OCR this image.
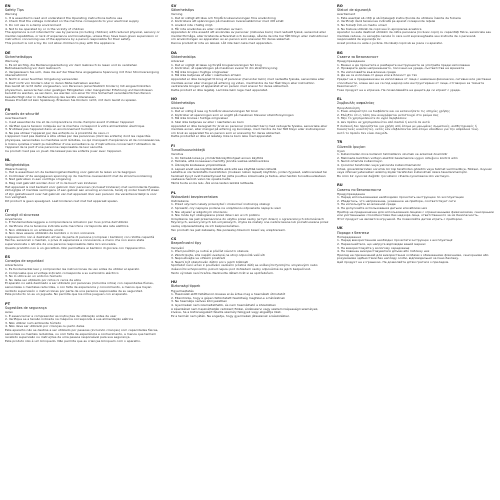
EN
Safety Tips
Warning
1. It is essential to read and understand the Operating instructions before use
2. Check that the voltage indicated on the machine corresponds to your electrical supply
3. Do not use in a damp environment
4. Not to be operated by or in the vicinity of children
The appliance is not intended for use by persons (including children) with reduced physical, sensory or mental capabilities, or lack of experience and knowledge, unless they have been given supervision or instruction concerning use of the appliance by a person responsible for their safety.
This product is not a toy. Do not allow children to play with the appliance
DE
Sicherheitstipps
Warnung
1. Es ist wichtig, die Bedienungsanleitung vor dem Gebrauch zu lesen und zu verstehen Betriebsanleitung vor dem Gebrauch
2. Vergewissern Sie sich, dass die auf der Maschine angegebene Spannung mit Ihrer Stromversorgung übereinstimmt
3. Nicht in einer feuchten Umgebung verwenden
4. Darf nicht von Kindern oder in deren Nähe betrieben werden
Das Gerät ist nicht dafür vorgesehen, von Personen (einschließlich Kindern) mit eingeschränkten physischen, sensorischen oder geistigen Fähigkeiten oder mangelnder Erfahrung und Kenntnissen benutzt zu werden, es sei denn, sie werden von einer für ihre Sicherheit verantwortlichen Person beaufsichtigt oder in die Benutzung des Geräts unterwiesen.
Dieses Produkt ist kein Spielzeug. Erlauben Sie Kindern nicht, mit dem Gerät zu spielen.
FR
Conseils de sécurité
Avertissement
1. Il est essentiel de lire et de comprendre le mode d'emploi avant d'utiliser l'appareil
2. Vérifiez que la tension indiquée sur la machine correspond à votre alimentation électrique
3. N'utilisez pas l'appareil dans un environnement humide
4. Ne pas utiliser l'appareil par des enfants ou à proximité de ceux-ci
L'appareil n'est pas destiné à être utilisé par des personnes (dont les enfants) dont les capacités physiques, sensorielles ou mentales sont réduites, ou qui manquent d'expérience et de connaissances, à moins qu'elles n'aient pu bénéficier d'une surveillance ou d'instructions concernant l'utilisation de l'appareil de la part d'une personne responsable de leur sécurité.
Ce produit n'est pas un jouet. Ne laissez pas les enfants jouer avec l'appareil.
NL
Veiligheidstips
Waarschuwing
1. Het is essentieel om de bedieningshandleiding voor gebruik te lezen en te begrijpen
2. Controleer of de aangegeven spanning op de machine overeenkomt met de stroomvoorziening
3. Niet gebruiken in een vochtige omgeving
4. Mag niet gebruikt worden door of in de buurt van kinderen
Het apparaat is niet bedoeld voor gebruik door personen (inclusief kinderen) met verminderde fysieke, zintuiglijke of mentale vermogens of een gebrek aan ervaring en kennis, tenzij zij onder toezicht staan of zijn geïnstrueerd over het gebruik van het apparaat door een persoon die verantwoordelijk is voor hun veiligheid.
Dit product is geen speelgoed. Laat kinderen niet met het apparaat spelen.
IT
Consigli di sicurezza
Avvertenza
1. È fondamentale leggere e comprendere le istruzioni per l'uso prima dell'utilizzo
2. Verificare che la tensione indicata sulla macchina corrisponda alla rete elettrica
3. Non utilizzare in un ambiente umido
4. Non deve essere utilizzato da bambini o in loro vicinanza
L'apparecchio non è destinato all'uso da parte di persone (compresi i bambini) con ridotte capacità fisiche, sensoriali o mentali, o prive di esperienza e conoscenza, a meno che non siano state supervisionate o istruite da una persona responsabile della loro sicurezza.
Questo prodotto non è un giocattolo. Non permettere ai bambini di giocare con l'apparecchio.
ES
Consejos de seguridad
Advertencia
1. Es fundamental leer y comprender las instrucciones de uso antes de utilizar el aparato
2. Compruebe que el voltaje indicado corresponde a su suministro eléctrico
3. No lo utilice en un entorno húmedo
4. No debe ser utilizado por niños ni cerca de ellos
El aparato no está destinado a ser utilizado por personas (incluidos niños) con capacidades físicas, sensoriales o mentales reducidas, o con falta de experiencia y conocimiento, a menos que hayan recibido supervisión o instrucciones por parte de una persona responsable de su seguridad.
Este producto no es un juguete. No permita que los niños jueguen con el aparato.
PT
Sugestões de segurança
Aviso
1. É essencial ler e compreender as instruções de utilização antes de usar
2. Verifique se a tensão indicada na máquina corresponde à sua alimentação elétrica
3. Não utilizar num ambiente húmido
4. Não deve ser utilizado por crianças ou perto delas
Este aparelho não se destina a ser utilizado por pessoas (incluindo crianças) com capacidades físicas, sensoriais ou mentais reduzidas, ou com falta de experiência e conhecimento, a menos que tenham recebido supervisão ou instruções de uma pessoa responsável pela sua segurança.
Este produto não é um brinquedo. Não permita que as crianças brinquem com o aparelho.
SV
Säkerhetstips
Varning
1. Det är viktigt att läsa och förstå bruksanvisningen före användning
2. Kontrollera att spänningen på maskinen överensstämmer med ditt elnät
3. Använd inte i fuktig miljö
4. Får inte användas av eller i närheten av barn
Apparaten är inte avsedd att användas av personer (inklusive barn) med nedsatt fysisk, sensorisk eller mental förmåga, eller bristande erfarenhet och kunskap, såvida de inte har fått tillsyn eller instruktioner om användningen av apparaten av en person som ansvarar för deras säkerhet.
Denna produkt är inte en leksak. Låt inte barn leka med apparaten.
DA
Sikkerhedstips
Advarsel
1. Det er vigtigt at læse og forstå brugsanvisningen før brug
2. Kontroller, at spændingen på maskinen svarer til din strømforsyning
3. Må ikke bruges i fugtige omgivelser
4. Må ikke betjenes af eller i nærheden af børn
Apparatet er ikke beregnet til brug af personer (herunder børn) med nedsatte fysiske, sensoriske eller mentale evner eller mangel på erfaring og viden, medmindre de har fået tilsyn eller instruktion vedrørende brugen af apparatet af en person med ansvar for deres sikkerhed.
Dette produkt er ikke legetøj. Lad ikke børn lege med apparatet.
NO
Sikkerhetstips
Advarsel
1. Det er viktig å lese og forstå bruksanvisningen før bruk
2. Kontroller at spenningen som er angitt på maskinen tilsvarer strømforsyningen
3. Må ikke brukes i fuktige omgivelser
4. Skal ikke betjenes av eller i nærheten av barn
Apparatet er ikke beregnet for bruk av personer (inkludert barn) med reduserte fysiske, sensoriske eller mentale evner, eller mangel på erfaring og kunnskap, med mindre de har fått tilsyn eller instruksjoner om bruk av apparatet fra en person som er ansvarlig for deres sikkerhet.
Dette produktet er ikke et leketøy. Ikke la barn leke med apparatet.
FI
Turvallisuusvinkkejä
Varoitus
1. On tärkeää lukea ja ymmärtää käyttöohjeet ennen käyttöä
2. Tarkista, että koneeseen merkitty jännite vastaa sähköverkkoa
3. Älä käytä kosteassa ympäristössä
4. Lapset eivät saa käyttää laitetta eikä sitä saa käyttää lasten lähellä
Laitetta ei ole tarkoitettu henkilöiden (mukaan lukien lapset) käyttöön, joiden fyysiset, aistinvaraiset tai henkiset kyvyt ovat heikentyneet tai joilta puuttuu kokemusta ja tietoa, ellei heidän turvallisuudestaan vastaava henkilö valvo tai opasta heitä.
Tämä tuote ei ole lelu. Älä anna lasten leikkiä laitteella.
PL
Wskazówki bezpieczeństwa
Ostrzeżenie
1. Przed użyciem należy przeczytać i zrozumieć instrukcję obsługi
2. Sprawdź, czy napięcie podane na urządzeniu odpowiada napięciu sieci
3. Nie używać w wilgotnym otoczeniu
4. Nie może być obsługiwane przez dzieci ani w ich pobliżu
Urządzenie nie jest przeznaczone do użytku przez osoby (w tym dzieci) o ograniczonych zdolnościach fizycznych, sensorycznych lub umysłowych, chyba że zostały one nadzorowane lub poinstruowane przez osobę odpowiedzialną za ich bezpieczeństwo.
Ten produkt nie jest zabawką. Nie pozwalaj dzieciom bawić się urządzeniem.
CS
Bezpečnostní tipy
Varování
1. Před použitím je nutné si přečíst návod k obsluze
2. Zkontrolujte, zda napětí uvedené na stroji odpovídá vaší síti
3. Nepoužívejte ve vlhkém prostředí
4. Nesmí být obsluhován dětmi ani v jejich blízkosti
Spotřebič není určen k používání osobami (včetně dětí) se sníženými fyzickými, smyslovými nebo duševními schopnostmi, pokud nejsou pod dohledem osoby odpovědné za jejich bezpečnost.
Tento výrobek není hračka. Nedovolte dětem hrát si se spotřebičem.
HU
Biztonsági tippek
Figyelmeztetés
1. Használat előtt feltétlenül olvassa el és értse meg a használati útmutatót
2. Ellenőrizze, hogy a gépen feltüntetett feszültség megfelel-e a hálózatnak
3. Ne használja nedves környezetben
4. Gyermekek nem üzemeltethetik, és nem használható a közelükben
A készüléket nem használhatják csökkent fizikai, érzékszervi vagy szellemi képességű személyek, kivéve, ha a biztonságukért felelős személy felügyeli vagy eligazítja őket.
Ez a termék nem játék. Ne engedje, hogy gyermekek játsszanak a készülékkel.
RO
Sfaturi de siguranță
Avertisment
1. Este esențial să citiți și să înțelegeți instrucțiunile de utilizare înainte de folosire
2. Verificați dacă tensiunea indicată pe aparat corespunde rețelei
3. Nu folosiți într-un mediu umed
4. Nu trebuie utilizat de copii sau în apropierea acestora
Aparatul nu este destinat utilizării de către persoane (inclusiv copii) cu capacități fizice, senzoriale sau mentale reduse, cu excepția cazului în care sunt supravegheate sau instruite de o persoană responsabilă de siguranța lor.
Acest produs nu este o jucărie. Nu lăsați copiii să se joace cu aparatul.
BG
Съвети за безопасност
Предупреждение
1. Важно е да прочетете и разберете инструкциите за употреба преди използване
2. Проверете дали напрежението, посочено на уреда, съответства на мрежата
3. Не използвайте във влажна среда
4. Да не се използва от деца или в близост до тях
Уредът не е предназначен за използване от лица с намалени физически, сетивни или умствени способности, освен ако не са под надзор или инструктирани от лице, отговорно за тяхната безопасност.
Този продукт не е играчка. Не позволявайте на децата да си играят с уреда.
EL
Συμβουλές ασφαλείας
Προειδοποίηση
1. Είναι απαραίτητο να διαβάσετε και να κατανοήσετε τις οδηγίες χρήσης
2. Ελέγξτε ότι η τάση που αναγράφεται αντιστοιχεί στο ρεύμα σας
3. Μην το χρησιμοποιείτε σε υγρό περιβάλλον
4. Δεν πρέπει να χρησιμοποιείται από παιδιά ή κοντά σε αυτά
Η συσκευή δεν προορίζεται για χρήση από άτομα με μειωμένες σωματικές, αισθητηριακές ή διανοητικές ικανότητες, εκτός εάν επιβλέπονται από άτομο υπεύθυνο για την ασφάλειά τους.
Αυτό το προϊόν δεν είναι παιχνίδι.
TR
Güvenlik İpuçları
Uyarı
1. Kullanmadan önce kullanım talimatlarını okumak ve anlamak önemlidir
2. Makinede belirtilen voltajın elektrik beslemenize uygun olduğunu kontrol edin
3. Nemli ortamda kullanmayın
4. Çocuklar tarafından veya yakınında kullanılmamalıdır
Cihaz, güvenliklerinden sorumlu bir kişi tarafından gözetim veya talimat verilmedikçe, fiziksel, duyusal veya zihinsel yetenekleri azalmış kişiler tarafından kullanılmak üzere tasarlanmamıştır.
Bu ürün bir oyuncak değildir. Çocukların cihazla oynamasına izin vermeyin.
RU
Советы по безопасности
Предупреждение
1. Перед использованием необходимо прочитать инструкцию по эксплуатации
2. Убедитесь, что напряжение, указанное на приборе, соответствует сети
3. Не используйте во влажной среде
4. Не допускайте использования детьми или вблизи них
Прибор не предназначен для использования лицами с ограниченными физическими, сенсорными или умственными способностями без надзора лица, ответственного за их безопасность.
Этот продукт не является игрушкой. Не позволяйте детям играть с прибором.
UK
Поради з безпеки
Попередження
1. Перед використанням необхідно прочитати інструкцію з експлуатації
2. Переконайтеся, що напруга відповідає вашій мережі
3. Не використовуйте у вологому середовищі
4. Не повинен використовуватися дітьми або поблизу них
Прилад не призначений для використання особами з обмеженими фізичними, сенсорними або розумовими здібностями без нагляду особи, відповідальної за їхню безпеку.
Цей продукт не є іграшкою. Не дозволяйте дітям гратися з приладом.
